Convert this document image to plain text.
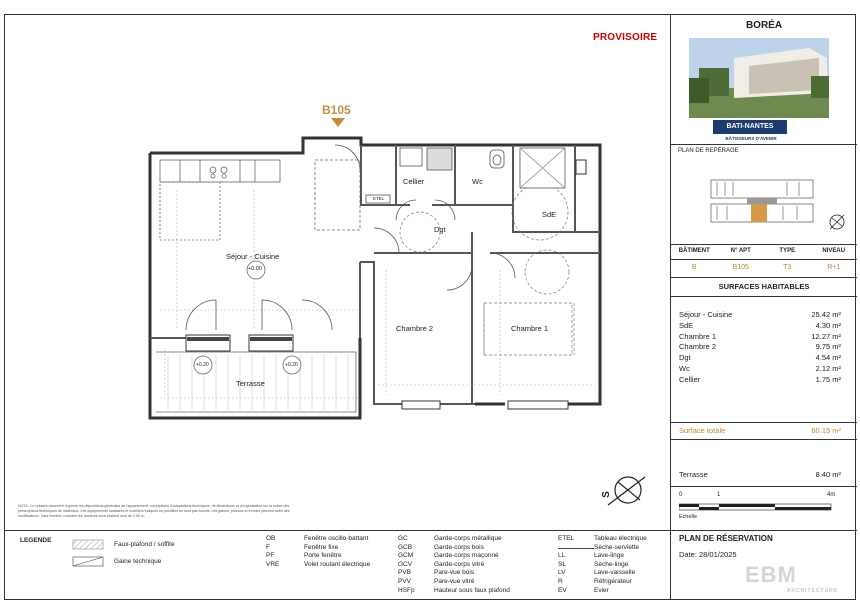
PROVISOIRE
B105
Séjour - Cuisine
+0.00
Cellier	Wc
SdE
Dgt
Chambre 1
Chambre 2
Terrasse
ETEL
+0.20	+0.20
S
NOTA : Le présent document exprime les dispositions générales de l'appartement, conceptions d'adaptations techniques, de dimensions et d'organisation sur la notice des prescriptions techniques de matériaux. Les équipements sanitaires et mobiliers indiqués en pointillés ne sont pas fournis. Les gaines, poteaux et trémies peuvent subir des modifications. Sauf mention contraire les hauteurs sous plafond sont de 2.50 m.
BORÉA
BATI-NANTES
BÂTISSEURS D'AVENIR
PLAN DE REPÉRAGE
BÂTIMENT	N° APT	TYPE	NIVEAU
B	B105	T3	R+1
SURFACES HABITABLES
Séjour - Cuisine	25.42 m²
SdE	4.30 m²
Chambre 1	12.27 m²
Chambre 2	9.75 m²
Dgt	4.54 m²
Wc	2.12 m²
Cellier	1.75 m²
Surface totale	60.15 m²
Terrasse	8.40 m²
0	1	4m
Echelle
PLAN DE RÉSERVATION
Date: 28/01/2025
EBM
ARCHITECTURE
LEGENDE
Faux-plafond / soffite
Gaine technique
OB	Fenêtre oscillo-battant
F	Fenêtre fixe
PF	Porte fenêtre
VRE	Volet roulant électrique
GC	Garde-corps métallique
GCB	Garde-corps bois
GCM	Garde-corps maçonné
GCV	Garde-corps vitré
PVB	Pare-vue bois
PVV	Pare-vue vitré
HSFp	Hauteur sous faux plafond
ETEL	Tableau électrique
Sèche-serviette
LL	Lave-linge
SL	Sèche-linge
LV	Lave-vaisselle
R	Réfrigérateur
EV	Evier
